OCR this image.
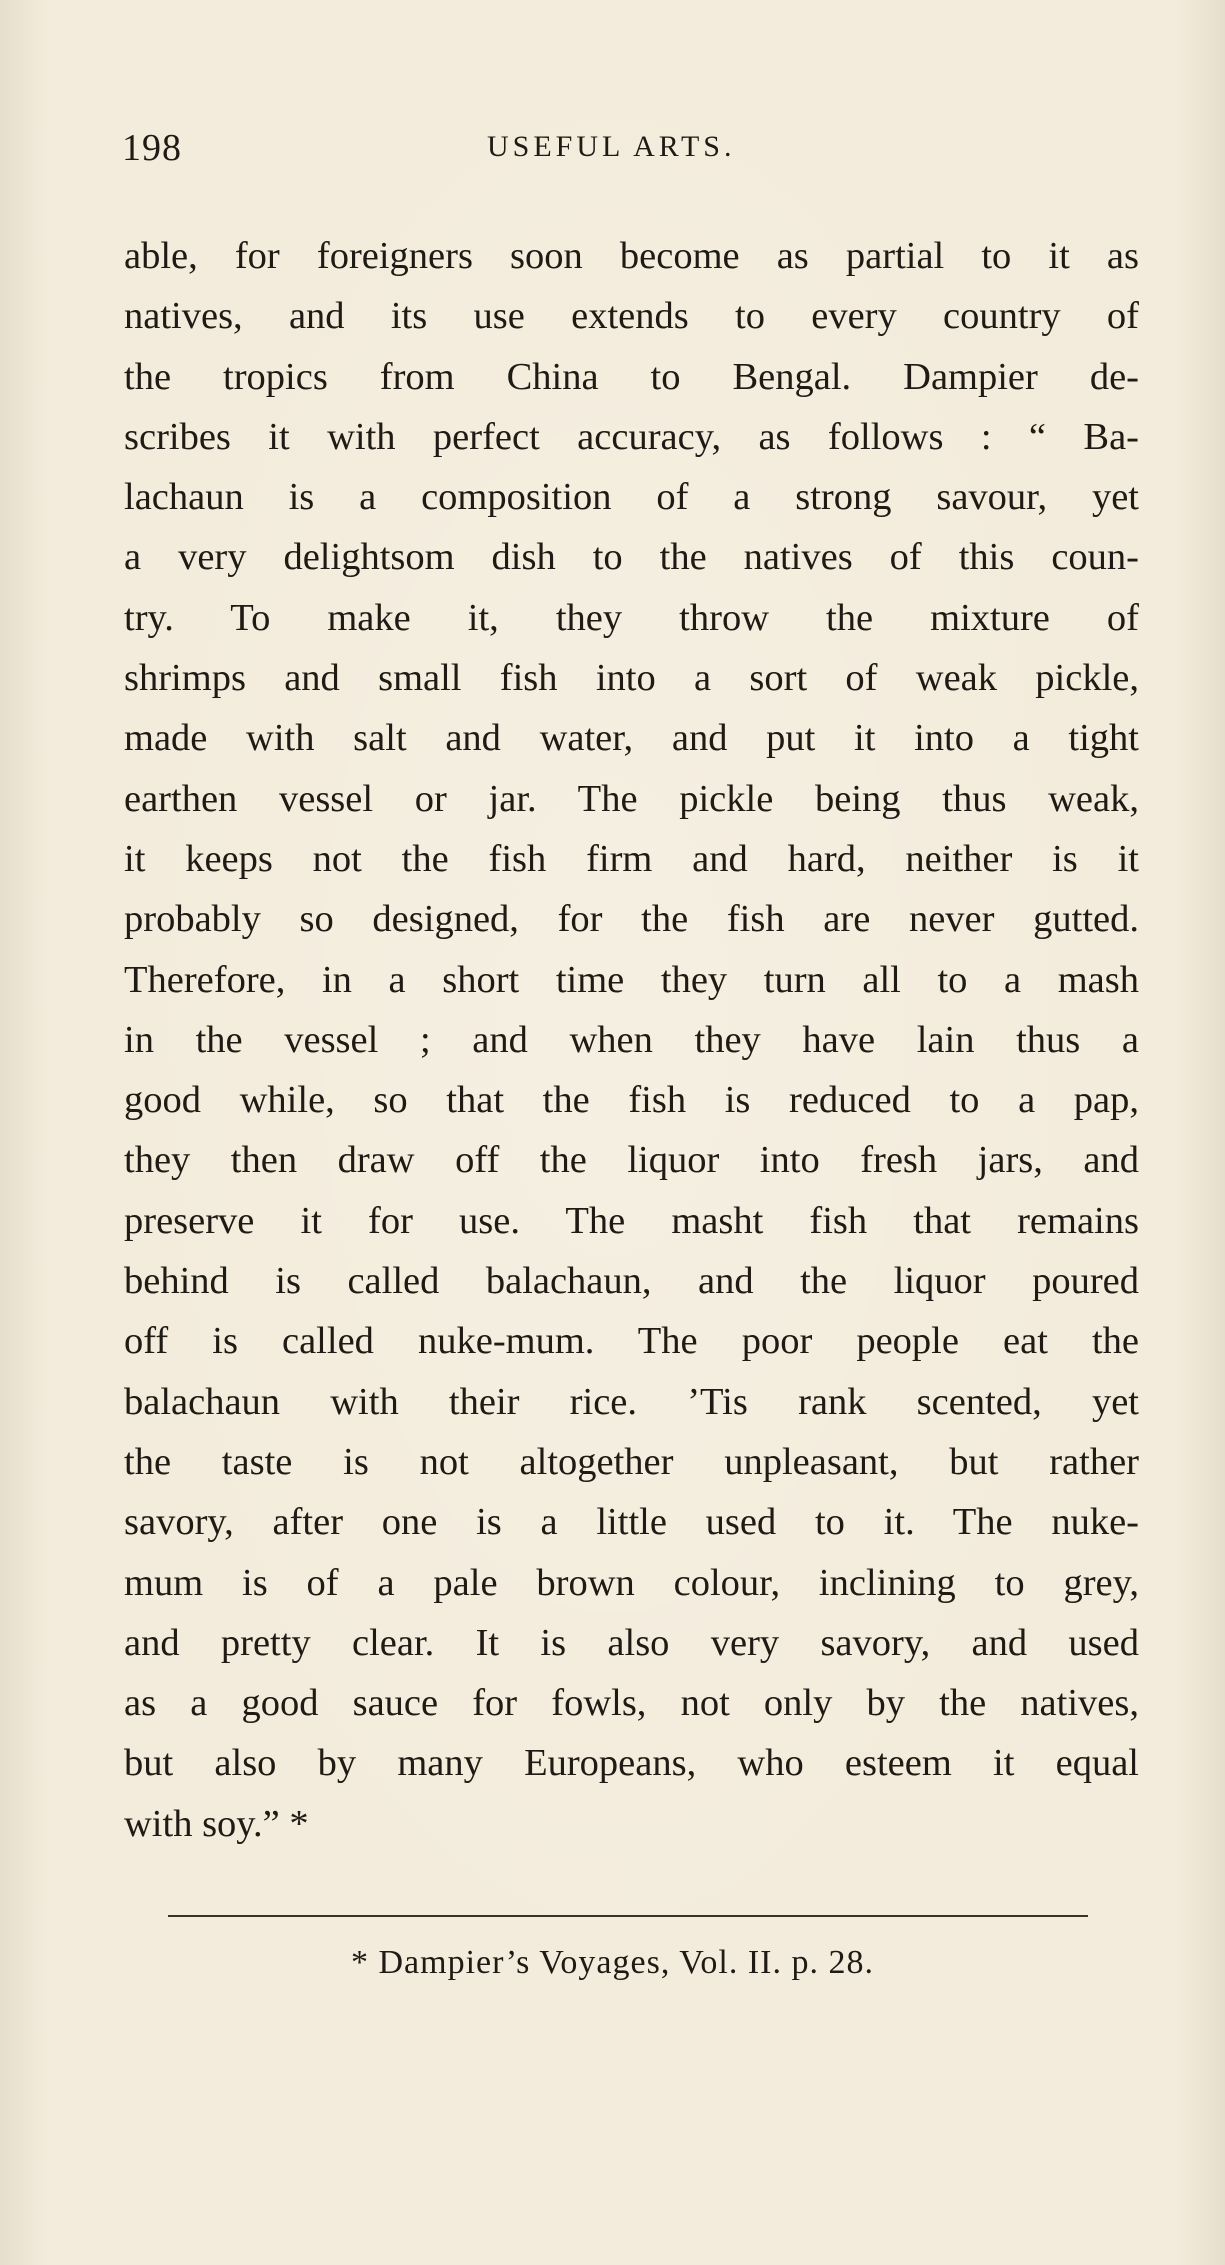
198	USEFUL ARTS.
able, for foreigners soon become as partial to it as
natives, and its use extends to every country of
the tropics from China to Bengal. Dampier de-
scribes it with perfect accuracy, as follows : “ Ba-
lachaun is a composition of a strong savour, yet
a very delightsom dish to the natives of this coun-
try. To make it, they throw the mixture of
shrimps and small fish into a sort of weak pickle,
made with salt and water, and put it into a tight
earthen vessel or jar. The pickle being thus weak,
it keeps not the fish firm and hard, neither is it
probably so designed, for the fish are never gutted.
Therefore, in a short time they turn all to a mash
in the vessel ; and when they have lain thus a
good while, so that the fish is reduced to a pap,
they then draw off the liquor into fresh jars, and
preserve it for use. The masht fish that remains
behind is called balachaun, and the liquor poured
off is called nuke-mum. The poor people eat the
balachaun with their rice. ’Tis rank scented, yet
the taste is not altogether unpleasant, but rather
savory, after one is a little used to it. The nuke-
mum is of a pale brown colour, inclining to grey,
and pretty clear. It is also very savory, and used
as a good sauce for fowls, not only by the natives,
but also by many Europeans, who esteem it equal
with soy.” *
* Dampier’s Voyages, Vol. II. p. 28.
